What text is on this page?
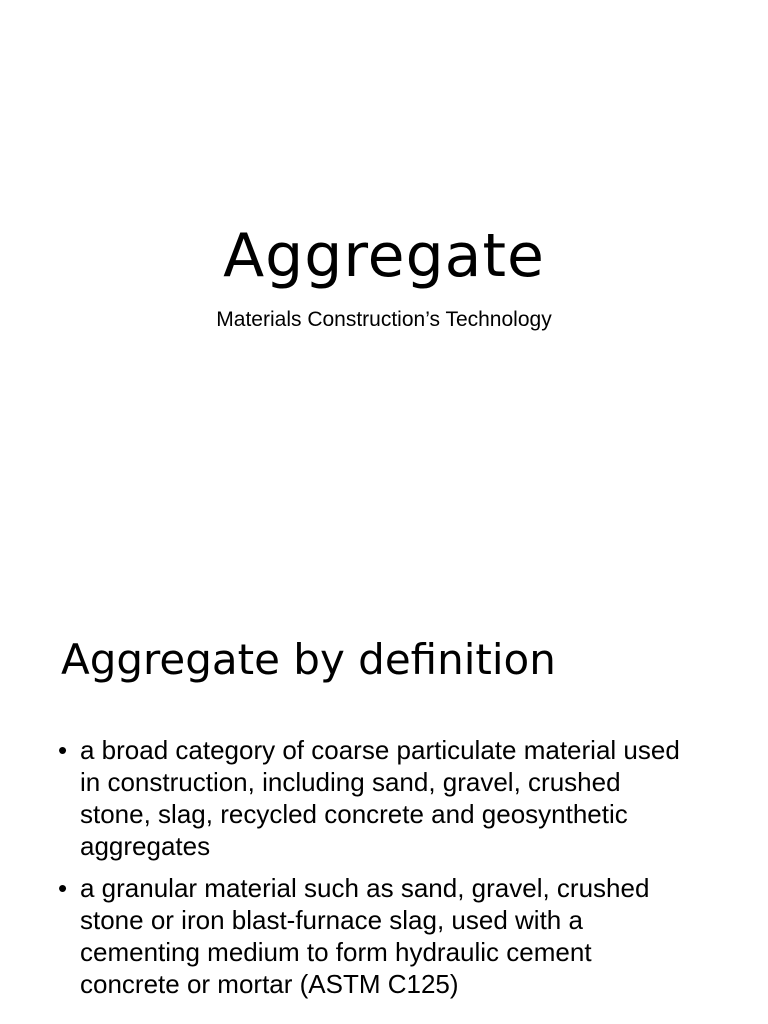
Aggregate
Materials Construction’s Technology
Aggregate by definition
• a broad category of coarse particulate material used in construction, including sand, gravel, crushed stone, slag, recycled concrete and geosynthetic aggregates
• a granular material such as sand, gravel, crushed stone or iron blast-furnace slag, used with a cementing medium to form hydraulic cement concrete or mortar (ASTM C125)
